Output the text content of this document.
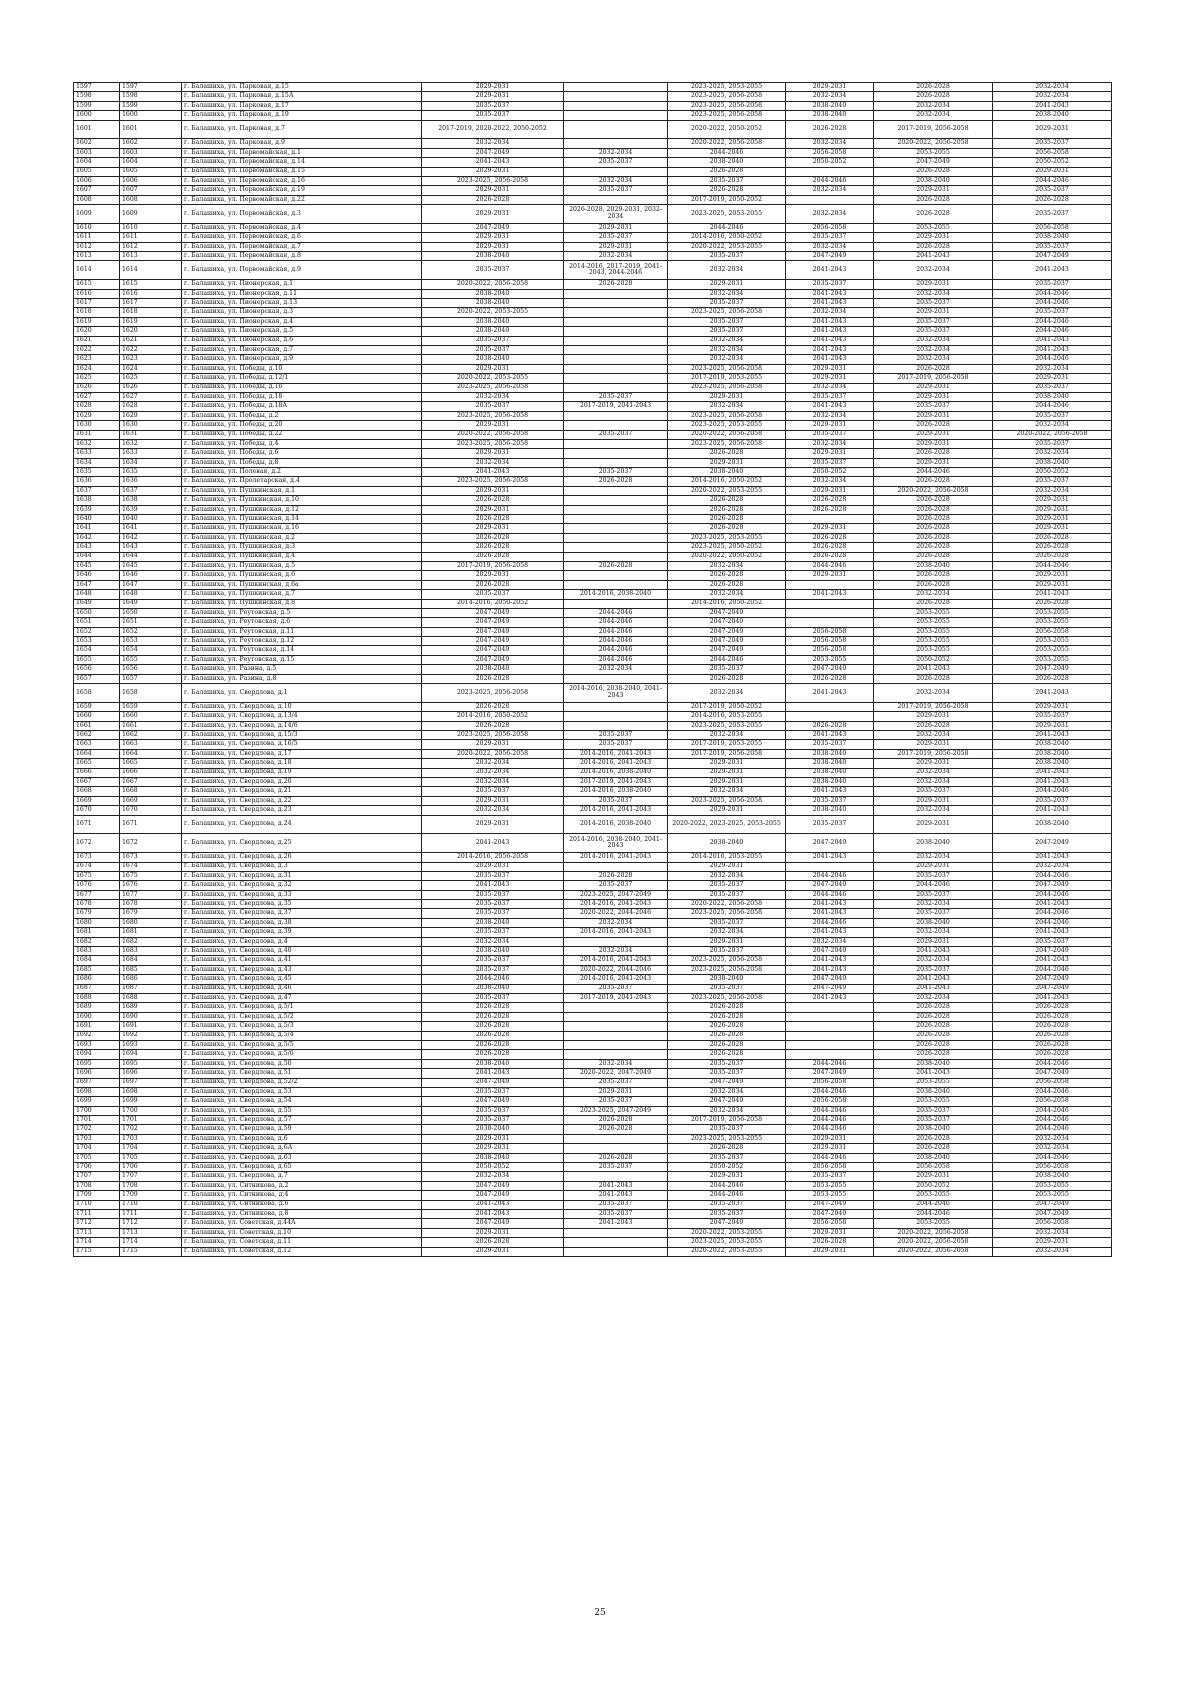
1597	1597	г. Балашиха, ул. Парковая, д.15	2029-2031		2023-2025, 2053-2055	2029-2031	2026-2028	2032-2034
1598	1598	г. Балашиха, ул. Парковая, д.15А	2029-2031		2023-2025, 2056-2058	2032-2034	2026-2028	2032-2034
1599	1599	г. Балашиха, ул. Парковая, д.17	2035-2037		2023-2025, 2056-2058	2038-2040	2032-2034	2041-2043
1600	1600	г. Балашиха, ул. Парковая, д.19	2035-2037		2023-2025, 2056-2058	2038-2040	2032-2034	2038-2040
1601	1601	г. Балашиха, ул. Парковая, д.7	2017-2019, 2020-2022, 2050-2052		2020-2022, 2050-2052	2026-2028	2017-2019, 2056-2058	2029-2031
1602	1602	г. Балашиха, ул. Парковая, д.9	2032-2034		2020-2022, 2056-2058	2032-2034	2020-2022, 2056-2058	2035-2037
1603	1603	г. Балашиха, ул. Первомайская, д.1	2047-2049	2032-2034	2044-2046	2056-2058	2053-2055	2056-2058
1604	1604	г. Балашиха, ул. Первомайская, д.14	2041-2043	2035-2037	2038-2040	2050-2052	2047-2049	2050-2052
1605	1605	г. Балашиха, ул. Первомайская, д.15	2029-2031		2026-2028		2026-2028	2029-2031
1606	1606	г. Балашиха, ул. Первомайская, д.16	2023-2025, 2056-2058	2032-2034	2035-2037	2044-2046	2038-2040	2044-2046
1607	1607	г. Балашиха, ул. Первомайская, д.19	2029-2031	2035-2037	2026-2028	2032-2034	2029-2031	2035-2037
1608	1608	г. Балашиха, ул. Первомайская, д.22	2026-2028		2017-2019, 2050-2052		2026-2028	2026-2028
1609	1609	г. Балашиха, ул. Первомайская, д.3	2029-2031	2026-2028, 2029-2031, 2032-2034	2023-2025, 2053-2055	2032-2034	2026-2028	2035-2037
1610	1610	г. Балашиха, ул. Первомайская, д.4	2047-2049	2029-2031	2044-2046	2056-2058	2053-2055	2056-2058
1611	1611	г. Балашиха, ул. Первомайская, д.6	2029-2031	2035-2037	2014-2016, 2050-2052	2035-2037	2029-2031	2038-2040
1612	1612	г. Балашиха, ул. Первомайская, д.7	2029-2031	2029-2031	2020-2022, 2053-2055	2032-2034	2026-2028	2035-2037
1613	1613	г. Балашиха, ул. Первомайская, д.8	2038-2040	2032-2034	2035-2037	2047-2049	2041-2043	2047-2049
1614	1614	г. Балашиха, ул. Первомайская, д.9	2035-2037	2014-2016, 2017-2019, 2041-2043, 2044-2046	2032-2034	2041-2043	2032-2034	2041-2043
1615	1615	г. Балашиха, ул. Пионерская, д.1	2020-2022, 2056-2058	2026-2028	2029-2031	2035-2037	2029-2031	2035-2037
1616	1616	г. Балашиха, ул. Пионерская, д.11	2038-2040		2032-2034	2041-2043	2032-2034	2044-2046
1617	1617	г. Балашиха, ул. Пионерская, д.13	2038-2040		2035-2037	2041-2043	2035-2037	2044-2046
1618	1618	г. Балашиха, ул. Пионерская, д.3	2020-2022, 2053-2055		2023-2025, 2056-2058	2032-2034	2029-2031	2035-2037
1619	1619	г. Балашиха, ул. Пионерская, д.4	2038-2040		2035-2037	2041-2043	2035-2037	2044-2046
1620	1620	г. Балашиха, ул. Пионерская, д.5	2038-2040		2035-2037	2041-2043	2035-2037	2044-2046
1621	1621	г. Балашиха, ул. Пионерская, д.6	2035-2037		2032-2034	2041-2043	2032-2034	2041-2043
1622	1622	г. Балашиха, ул. Пионерская, д.7	2035-2037		2032-2034	2041-2043	2032-2034	2041-2043
1623	1623	г. Балашиха, ул. Пионерская, д.9	2038-2040		2032-2034	2041-2043	2032-2034	2044-2046
1624	1624	г. Балашиха, ул. Победы, д.10	2029-2031		2023-2025, 2056-2058	2029-2031	2026-2028	2032-2034
1625	1625	г. Балашиха, ул. Победы, д.12/1	2020-2022, 2053-2055		2017-2019, 2053-2055	2029-2031	2017-2019, 2056-2058	2029-2031
1626	1626	г. Балашиха, ул. Победы, д.16	2023-2025, 2056-2058		2023-2025, 2056-2058	2032-2034	2029-2031	2035-2037
1627	1627	г. Балашиха, ул. Победы, д.18	2032-2034	2035-2037	2029-2031	2035-2037	2029-2031	2038-2040
1628	1628	г. Балашиха, ул. Победы, д.18А	2035-2037	2017-2019, 2041-2043	2032-2034	2041-2043	2035-2037	2044-2046
1629	1629	г. Балашиха, ул. Победы, д.2	2023-2025, 2056-2058		2023-2025, 2056-2058	2032-2034	2029-2031	2035-2037
1630	1630	г. Балашиха, ул. Победы, д.20	2029-2031		2023-2025, 2053-2055	2029-2031	2026-2028	2032-2034
1631	1631	г. Балашиха, ул. Победы, д.22	2020-2022, 2056-2058	2035-2037	2020-2022, 2056-2058	2035-2037	2029-2031	2020-2022, 2056-2058
1632	1632	г. Балашиха, ул. Победы, д.4	2023-2025, 2056-2058		2023-2025, 2056-2058	2032-2034	2029-2031	2035-2037
1633	1633	г. Балашиха, ул. Победы, д.6	2029-2031		2026-2028	2029-2031	2026-2028	2032-2034
1634	1634	г. Балашиха, ул. Победы, д.8	2032-2034		2029-2031	2035-2037	2029-2031	2038-2040
1635	1635	г. Балашиха, ул. Полевая, д.2	2041-2043	2035-2037	2038-2040	2050-2052	2044-2046	2050-2052
1636	1636	г. Балашиха, ул. Пролетарская, д.4	2023-2025, 2056-2058	2026-2028	2014-2016, 2050-2052	2032-2034	2026-2028	2035-2037
1637	1637	г. Балашиха, ул. Пушкинская, д.1	2029-2031		2020-2022, 2053-2055	2029-2031	2020-2022, 2056-2058	2032-2034
1638	1638	г. Балашиха, ул. Пушкинская, д.10	2026-2028		2026-2028	2026-2028	2026-2028	2029-2031
1639	1639	г. Балашиха, ул. Пушкинская, д.12	2029-2031		2026-2028	2026-2028	2026-2028	2029-2031
1640	1640	г. Балашиха, ул. Пушкинская, д.14	2026-2028		2026-2028		2026-2028	2029-2031
1641	1641	г. Балашиха, ул. Пушкинская, д.16	2029-2031		2026-2028	2029-2031	2026-2028	2029-2031
1642	1642	г. Балашиха, ул. Пушкинская, д.2	2026-2028		2023-2025, 2053-2055	2026-2028	2026-2028	2026-2028
1643	1643	г. Балашиха, ул. Пушкинская, д.3	2026-2028		2023-2025, 2050-2052	2026-2028	2026-2028	2026-2028
1644	1644	г. Балашиха, ул. Пушкинская, д.4	2026-2028		2020-2022, 2050-2052	2026-2028	2026-2028	2026-2028
1645	1645	г. Балашиха, ул. Пушкинская, д.5	2017-2019, 2056-2058	2026-2028	2032-2034	2044-2046	2038-2040	2044-2046
1646	1646	г. Балашиха, ул. Пушкинская, д.6	2029-2031		2026-2028	2029-2031	2026-2028	2029-2031
1647	1647	г. Балашиха, ул. Пушкинская, д.6а	2026-2028		2026-2028		2026-2028	2029-2031
1648	1648	г. Балашиха, ул. Пушкинская, д.7	2035-2037	2014-2016, 2038-2040	2032-2034	2041-2043	2032-2034	2041-2043
1649	1649	г. Балашиха, ул. Пушкинская, д.8	2014-2016, 2050-2052		2014-2016, 2050-2052		2026-2028	2026-2028
1650	1650	г. Балашиха, ул. Реутовская, д.5	2047-2049	2044-2046	2047-2049		2053-2055	2053-2055
1651	1651	г. Балашиха, ул. Реутовская, д.6	2047-2049	2044-2046	2047-2049		2053-2055	2053-2055
1652	1652	г. Балашиха, ул. Реутовская, д.11	2047-2049	2044-2046	2047-2049	2056-2058	2053-2055	2056-2058
1653	1653	г. Балашиха, ул. Реутовская, д.12	2047-2049	2044-2046	2047-2049	2056-2058	2053-2055	2053-2055
1654	1654	г. Балашиха, ул. Реутовская, д.14	2047-2049	2044-2046	2047-2049	2056-2058	2053-2055	2053-2055
1655	1655	г. Балашиха, ул. Реутовская, д.15	2047-2049	2044-2046	2044-2046	2053-2055	2050-2052	2053-2055
1656	1656	г. Балашиха, ул. Разина, д.5	2038-2040	2032-2034	2035-2037	2047-2049	2041-2043	2047-2049
1657	1657	г. Балашиха, ул. Разина, д.8	2026-2028		2026-2028	2026-2028	2026-2028	2026-2028
1658	1658	г. Балашиха, ул. Свердлова, д.1	2023-2025, 2056-2058	2014-2016, 2038-2040, 2041-2043	2032-2034	2041-2043	2032-2034	2041-2043
1659	1659	г. Балашиха, ул. Свердлова, д.10	2026-2028		2017-2019, 2050-2052		2017-2019, 2056-2058	2029-2031
1660	1660	г. Балашиха, ул. Свердлова, д.13/4	2014-2016, 2050-2052		2014-2016, 2053-2055		2029-2031	2035-2037
1661	1661	г. Балашиха, ул. Свердлова, д.14/6	2026-2028		2023-2025, 2053-2055	2026-2028	2026-2028	2029-2031
1662	1662	г. Балашиха, ул. Свердлова, д.15/3	2023-2025, 2056-2058	2035-2037	2032-2034	2041-2043	2032-2034	2041-2043
1663	1663	г. Балашиха, ул. Свердлова, д.16/5	2029-2031	2035-2037	2017-2019, 2053-2055	2035-2037	2029-2031	2038-2040
1664	1664	г. Балашиха, ул. Свердлова, д.17	2020-2022, 2056-2058	2014-2016, 2041-2043	2017-2019, 2056-2058	2038-2040	2017-2019, 2056-2058	2038-2040
1665	1665	г. Балашиха, ул. Свердлова, д.18	2032-2034	2014-2016, 2041-2043	2029-2031	2038-2040	2029-2031	2038-2040
1666	1666	г. Балашиха, ул. Свердлова, д.19	2032-2034	2014-2016, 2038-2040	2029-2031	2038-2040	2032-2034	2041-2043
1667	1667	г. Балашиха, ул. Свердлова, д.20	2032-2034	2017-2019, 2041-2043	2029-2031	2038-2040	2032-2034	2041-2043
1668	1668	г. Балашиха, ул. Свердлова, д.21	2035-2037	2014-2016, 2038-2040	2032-2034	2041-2043	2035-2037	2044-2046
1669	1669	г. Балашиха, ул. Свердлова, д.22	2029-2031	2035-2037	2023-2025, 2056-2058	2035-2037	2029-2031	2035-2037
1670	1670	г. Балашиха, ул. Свердлова, д.23	2032-2034	2014-2016, 2041-2043	2029-2031	2038-2040	2032-2034	2041-2043
1671	1671	г. Балашиха, ул. Свердлова, д.24	2029-2031	2014-2016, 2038-2040	2020-2022, 2023-2025, 2053-2055	2035-2037	2029-2031	2038-2040
1672	1672	г. Балашиха, ул. Свердлова, д.25	2041-2043	2014-2016, 2038-2040, 2041-2043	2038-2040	2047-2049	2038-2040	2047-2049
1673	1673	г. Балашиха, ул. Свердлова, д.26	2014-2016, 2056-2058	2014-2016, 2041-2043	2014-2016, 2053-2055	2041-2043	2032-2034	2041-2043
1674	1674	г. Балашиха, ул. Свердлова, д.3	2029-2031		2029-2031		2029-2031	2032-2034
1675	1675	г. Балашиха, ул. Свердлова, д.31	2035-2037	2026-2028	2032-2034	2044-2046	2035-2037	2044-2046
1676	1676	г. Балашиха, ул. Свердлова, д.32	2041-2043	2035-2037	2035-2037	2047-2049	2044-2046	2047-2049
1677	1677	г. Балашиха, ул. Свердлова, д.33	2035-2037	2023-2025, 2047-2049	2035-2037	2044-2046	2035-2037	2044-2046
1678	1678	г. Балашиха, ул. Свердлова, д.35	2035-2037	2014-2016, 2041-2043	2020-2022, 2056-2058	2041-2043	2032-2034	2041-2043
1679	1679	г. Балашиха, ул. Свердлова, д.37	2035-2037	2020-2022, 2044-2046	2023-2025, 2056-2058	2041-2043	2035-2037	2044-2046
1680	1680	г. Балашиха, ул. Свердлова, д.38	2038-2040	2032-2034	2035-2037	2044-2046	2038-2040	2044-2046
1681	1681	г. Балашиха, ул. Свердлова, д.39	2035-2037	2014-2016, 2041-2043	2032-2034	2041-2043	2032-2034	2041-2043
1682	1682	г. Балашиха, ул. Свердлова, д.4	2032-2034		2029-2031	2032-2034	2029-2031	2035-2037
1683	1683	г. Балашиха, ул. Свердлова, д.40	2038-2040	2032-2034	2035-2037	2047-2049	2041-2043	2047-2049
1684	1684	г. Балашиха, ул. Свердлова, д.41	2035-2037	2014-2016, 2041-2043	2023-2025, 2056-2058	2041-2043	2032-2034	2041-2043
1685	1685	г. Балашиха, ул. Свердлова, д.43	2035-2037	2020-2022, 2044-2046	2023-2025, 2056-2058	2041-2043	2035-2037	2044-2046
1686	1686	г. Балашиха, ул. Свердлова, д.45	2044-2046	2014-2016, 2041-2043	2038-2040	2047-2049	2041-2043	2047-2049
1687	1687	г. Балашиха, ул. Свердлова, д.46	2038-2040	2035-2037	2035-2037	2047-2049	2041-2043	2047-2049
1688	1688	г. Балашиха, ул. Свердлова, д.47	2035-2037	2017-2019, 2041-2043	2023-2025, 2056-2058	2041-2043	2032-2034	2041-2043
1689	1689	г. Балашиха, ул. Свердлова, д.5/1	2026-2028		2026-2028		2026-2028	2026-2028
1690	1690	г. Балашиха, ул. Свердлова, д.5/2	2026-2028		2026-2028		2026-2028	2026-2028
1691	1691	г. Балашиха, ул. Свердлова, д.5/3	2026-2028		2026-2028		2026-2028	2026-2028
1692	1692	г. Балашиха, ул. Свердлова, д.5/4	2026-2028		2026-2028		2026-2028	2026-2028
1693	1693	г. Балашиха, ул. Свердлова, д.5/5	2026-2028		2026-2028		2026-2028	2026-2028
1694	1694	г. Балашиха, ул. Свердлова, д.5/6	2026-2028		2026-2028		2026-2028	2026-2028
1695	1695	г. Балашиха, ул. Свердлова, д.50	2038-2040	2032-2034	2035-2037	2044-2046	2038-2040	2044-2046
1696	1696	г. Балашиха, ул. Свердлова, д.51	2041-2043	2020-2022, 2047-2049	2035-2037	2047-2049	2041-2043	2047-2049
1697	1697	г. Балашиха, ул. Свердлова, д.52/2	2047-2049	2035-2037	2047-2049	2056-2058	2053-2055	2056-2058
1698	1698	г. Балашиха, ул. Свердлова, д.53	2035-2037	2029-2031	2032-2034	2044-2046	2038-2040	2044-2046
1699	1699	г. Балашиха, ул. Свердлова, д.54	2047-2049	2035-2037	2047-2049	2056-2058	2053-2055	2056-2058
1700	1700	г. Балашиха, ул. Свердлова, д.55	2035-2037	2023-2025, 2047-2049	2032-2034	2044-2046	2035-2037	2044-2046
1701	1701	г. Балашиха, ул. Свердлова, д.57	2035-2037	2026-2028	2017-2019, 2056-2058	2044-2046	2035-2037	2044-2046
1702	1702	г. Балашиха, ул. Свердлова, д.59	2038-2040	2026-2028	2035-2037	2044-2046	2038-2040	2044-2046
1703	1703	г. Балашиха, ул. Свердлова, д.6	2029-2031		2023-2025, 2053-2055	2029-2031	2026-2028	2032-2034
1704	1704	г. Балашиха, ул. Свердлова, д.6А	2029-2031		2026-2028	2029-2031	2026-2028	2032-2034
1705	1705	г. Балашиха, ул. Свердлова, д.63	2038-2040	2026-2028	2035-2037	2044-2046	2038-2040	2044-2046
1706	1706	г. Балашиха, ул. Свердлова, д.65	2050-2052	2035-2037	2050-2052	2056-2058	2056-2058	2056-2058
1707	1707	г. Балашиха, ул. Свердлова, д.7	2032-2034		2029-2031	2035-2037	2029-2031	2038-2040
1708	1708	г. Балашиха, ул. Ситникова, д.2	2047-2049	2041-2043	2044-2046	2053-2055	2050-2052	2053-2055
1709	1709	г. Балашиха, ул. Ситникова, д.4	2047-2049	2041-2043	2044-2046	2053-2055	2053-2055	2053-2055
1710	1710	г. Балашиха, ул. Ситникова, д.6	2041-2043	2035-2037	2035-2037	2047-2049	2044-2046	2047-2049
1711	1711	г. Балашиха, ул. Ситникова, д.8	2041-2043	2035-2037	2035-2037	2047-2049	2044-2046	2047-2049
1712	1712	г. Балашиха, ул. Советская, д.44А	2047-2049	2041-2043	2047-2049	2056-2058	2053-2055	2056-2058
1713	1713	г. Балашиха, ул. Советская, д.10	2029-2031		2020-2022, 2053-2055	2029-2031	2020-2022, 2056-2058	2032-2034
1714	1714	г. Балашиха, ул. Советская, д.11	2026-2028		2023-2025, 2053-2055	2026-2028	2020-2022, 2056-2058	2029-2031
1715	1715	г. Балашиха, ул. Советская, д.12	2029-2031		2020-2022, 2053-2055	2029-2031	2020-2022, 2056-2058	2032-2034
25
